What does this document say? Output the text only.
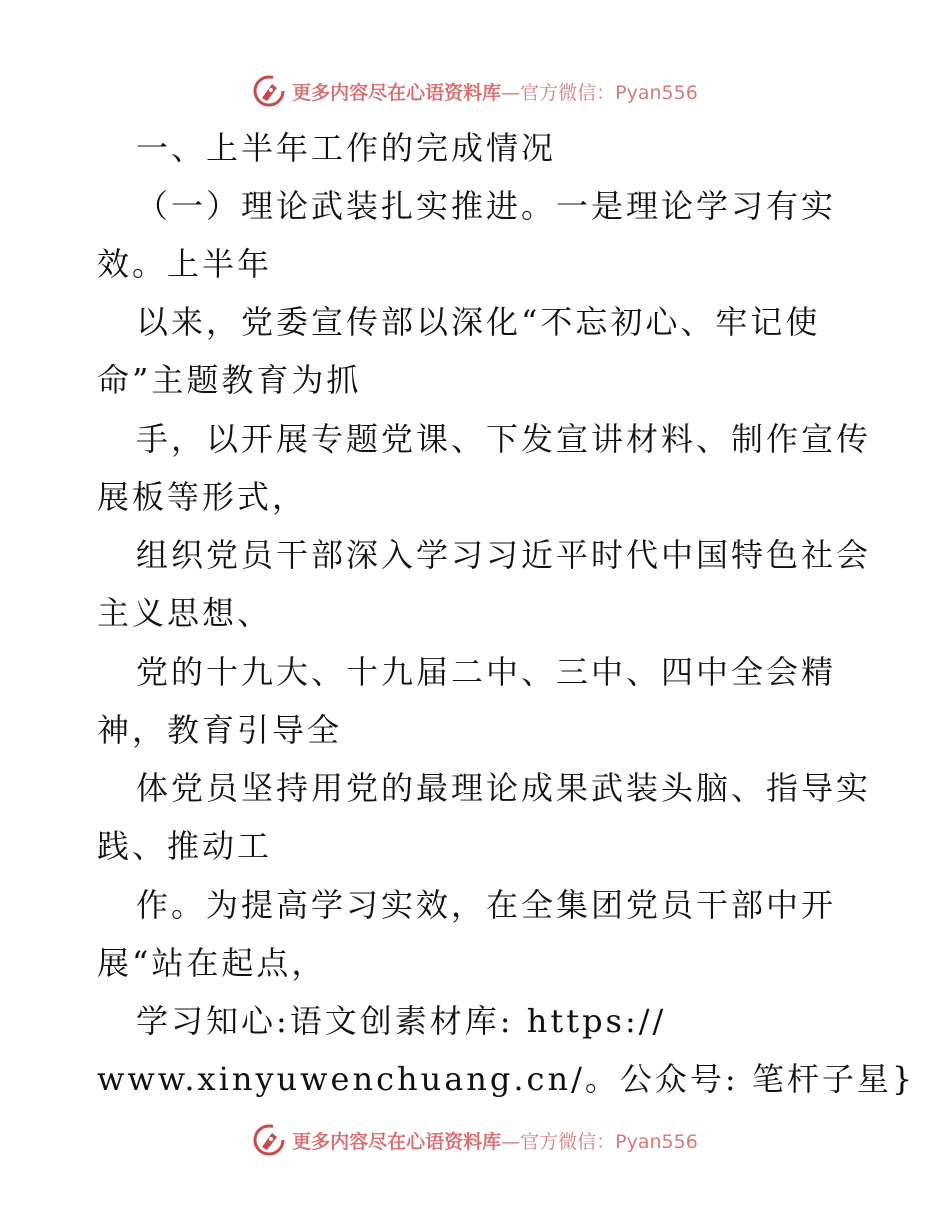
更多内容尽在心语资料库—官方微信：Pyan556
一、上半年工作的完成情况
（一）理论武装扎实推进。一是理论学习有实
效。上半年
以来，党委宣传部以深化“不忘初心、牢记使
命”主题教育为抓
手，以开展专题党课、下发宣讲材料、制作宣传
展板等形式，
组织党员干部深入学习习近平时代中国特色社会
主义思想、
党的十九大、十九届二中、三中、四中全会精
神，教育引导全
体党员坚持用党的最理论成果武装头脑、指导实
践、推动工
作。为提高学习实效，在全集团党员干部中开
展“站在起点，
学习知心:语文创素材库: https://
www.xinyuwenchuang.cn/。公众号: 笔杆子星}
更多内容尽在心语资料库—官方微信：Pyan556
